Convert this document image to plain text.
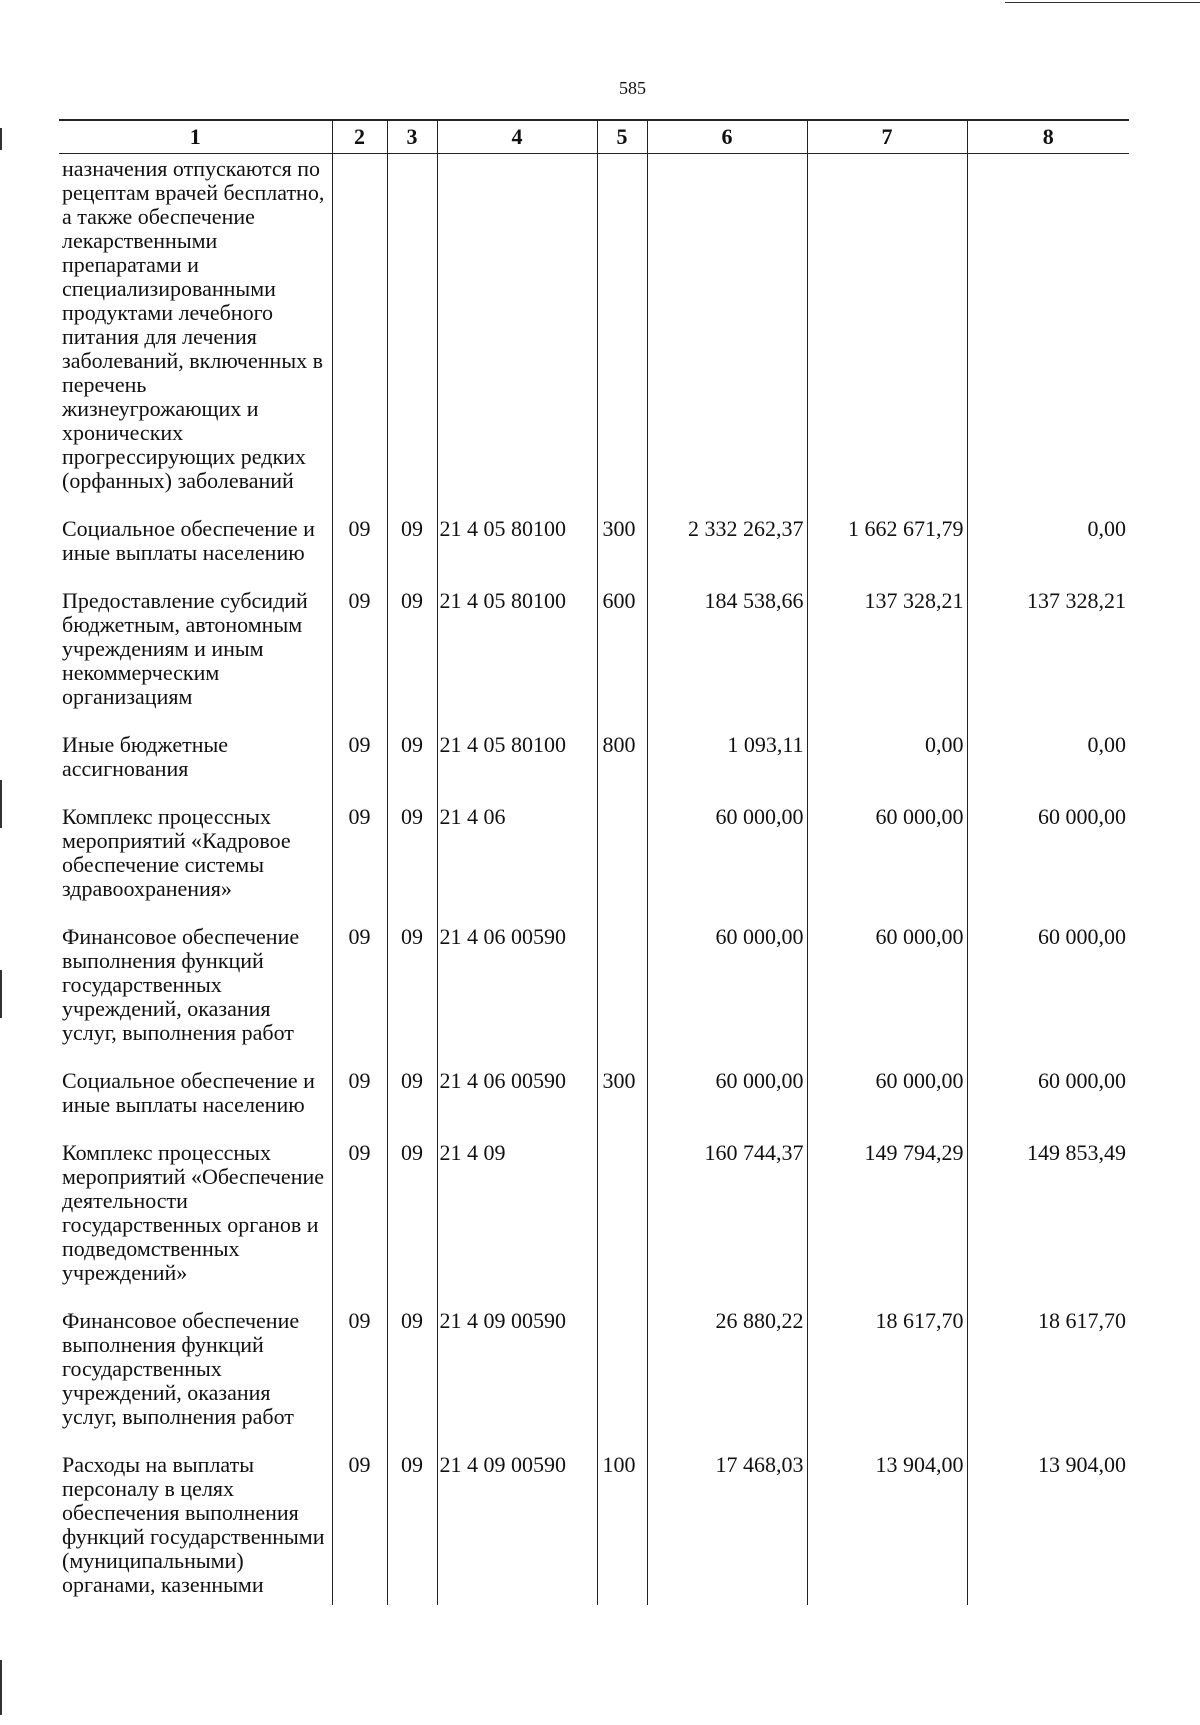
585
1	2	3	4	5	6	7	8
назначения отпускаются по рецептам врачей бесплатно, а также обеспечение лекарственными препаратами и специализированными продуктами лечебного питания для лечения заболеваний, включенных в перечень жизнеугрожающих и хронических прогрессирующих редких (орфанных) заболеваний							
Социальное обеспечение и иные выплаты населению	09	09	21 4 05 80100	300	2 332 262,37	1 662 671,79	0,00
Предоставление субсидий бюджетным, автономным учреждениям и иным некоммерческим организациям	09	09	21 4 05 80100	600	184 538,66	137 328,21	137 328,21
Иные бюджетные ассигнования	09	09	21 4 05 80100	800	1 093,11	0,00	0,00
Комплекс процессных мероприятий «Кадровое обеспечение системы здравоохранения»	09	09	21 4 06		60 000,00	60 000,00	60 000,00
Финансовое обеспечение выполнения функций государственных учреждений, оказания услуг, выполнения работ	09	09	21 4 06 00590		60 000,00	60 000,00	60 000,00
Социальное обеспечение и иные выплаты населению	09	09	21 4 06 00590	300	60 000,00	60 000,00	60 000,00
Комплекс процессных мероприятий «Обеспечение деятельности государственных органов и подведомственных учреждений»	09	09	21 4 09		160 744,37	149 794,29	149 853,49
Финансовое обеспечение выполнения функций государственных учреждений, оказания услуг, выполнения работ	09	09	21 4 09 00590		26 880,22	18 617,70	18 617,70
Расходы на выплаты персоналу в целях обеспечения выполнения функций государственными (муниципальными) органами, казенными	09	09	21 4 09 00590	100	17 468,03	13 904,00	13 904,00
